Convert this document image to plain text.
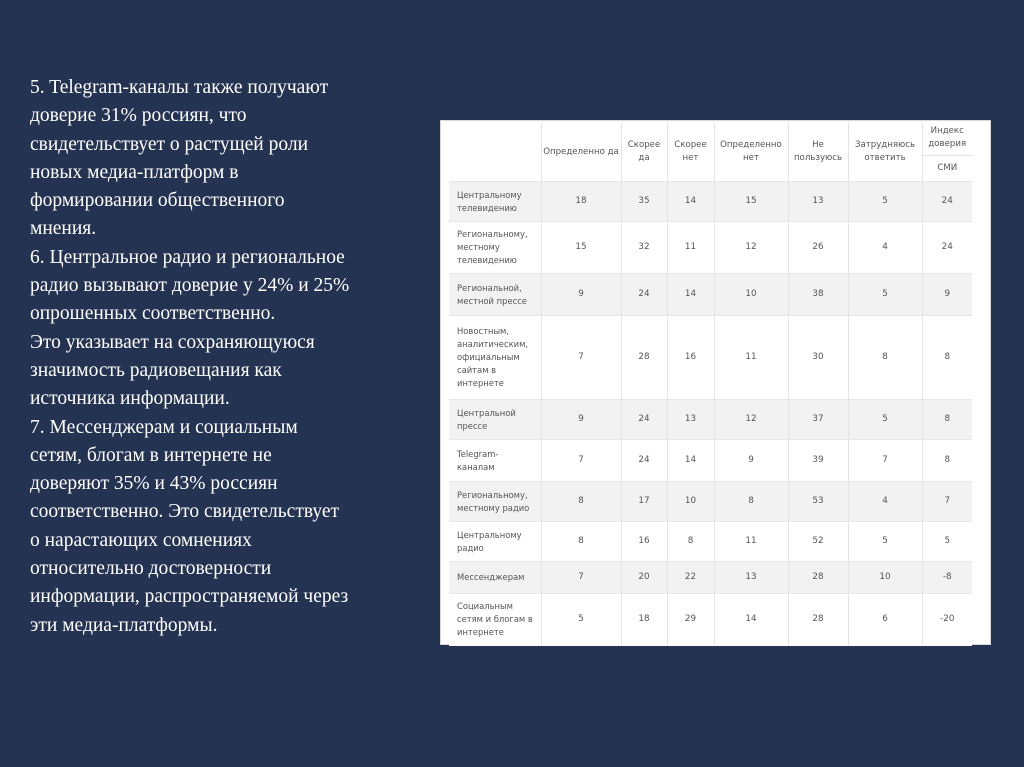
5. Telegram-каналы также получают
доверие 31% россиян, что
свидетельствует о растущей роли
новых медиа-платформ в
формировании общественного
мнения.

6. Центральное радио и региональное
радио вызывают доверие у 24% и 25%
опрошенных соответственно.
Это указывает на сохраняющуюся
значимость радиовещания как
источника информации.

7. Мессенджерам и социальным
сетям, блогам в интернете не
доверяют 35% и 43% россиян
соответственно. Это свидетельствует
о нарастающих сомнениях
относительно достоверности
информации, распространяемой через
эти медиа-платформы.

	Определенно да	Скорее да	Скорее нет	Определенно нет	Не пользуюсь	Затрудняюсь ответить	Индекс доверия
СМИ

Центральному телевидению	18	35	14	15	13	5	24
Региональному, местному телевидению	15	32	11	12	26	4	24
Региональной, местной прессе	9	24	14	10	38	5	9
Новостным, аналитическим, официальным сайтам в интернете	7	28	16	11	30	8	8
Центральной прессе	9	24	13	12	37	5	8
Telegram-каналам	7	24	14	9	39	7	8
Региональному, местному радио	8	17	10	8	53	4	7
Центральному радио	8	16	8	11	52	5	5
Мессенджерам	7	20	22	13	28	10	-8
Социальным сетям и блогам в интернете	5	18	29	14	28	6	-20
